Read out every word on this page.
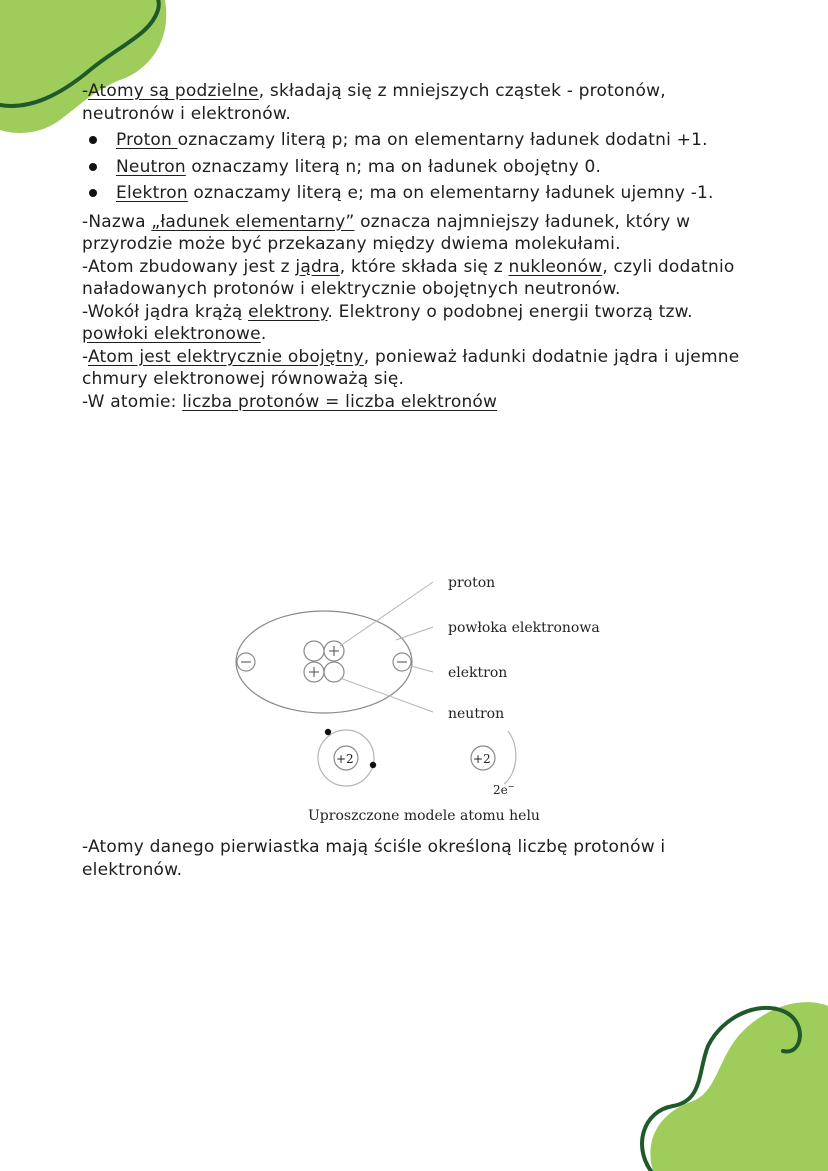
-Atomy są podzielne, składają się z mniejszych cząstek - protonów, neutronów i elektronów.

Proton oznaczamy literą p; ma on elementarny ładunek dodatni +1.
Neutron oznaczamy literą n; ma on ładunek obojętny 0.
Elektron oznaczamy literą e; ma on elementarny ładunek ujemny -1.

-Nazwa „ładunek elementarny” oznacza najmniejszy ładunek, który w przyrodzie może być przekazany między dwiema molekułami.

-Atom zbudowany jest z jądra, które składa się z nukleonów, czyli dodatnio naładowanych protonów i elektrycznie obojętnych neutronów.

-Wokół jądra krążą elektrony. Elektrony o podobnej energii tworzą tzw. powłoki elektronowe.

-Atom jest elektrycznie obojętny, ponieważ ładunki dodatnie jądra i ujemne chmury elektronowej równoważą się.

-W atomie: liczba protonów = liczba elektronów

proton
powłoka elektronowa
elektron
neutron
+2	+2
2e−
Uproszczone modele atomu helu
-Atomy danego pierwiastka mają ściśle określoną liczbę protonów i elektronów.
